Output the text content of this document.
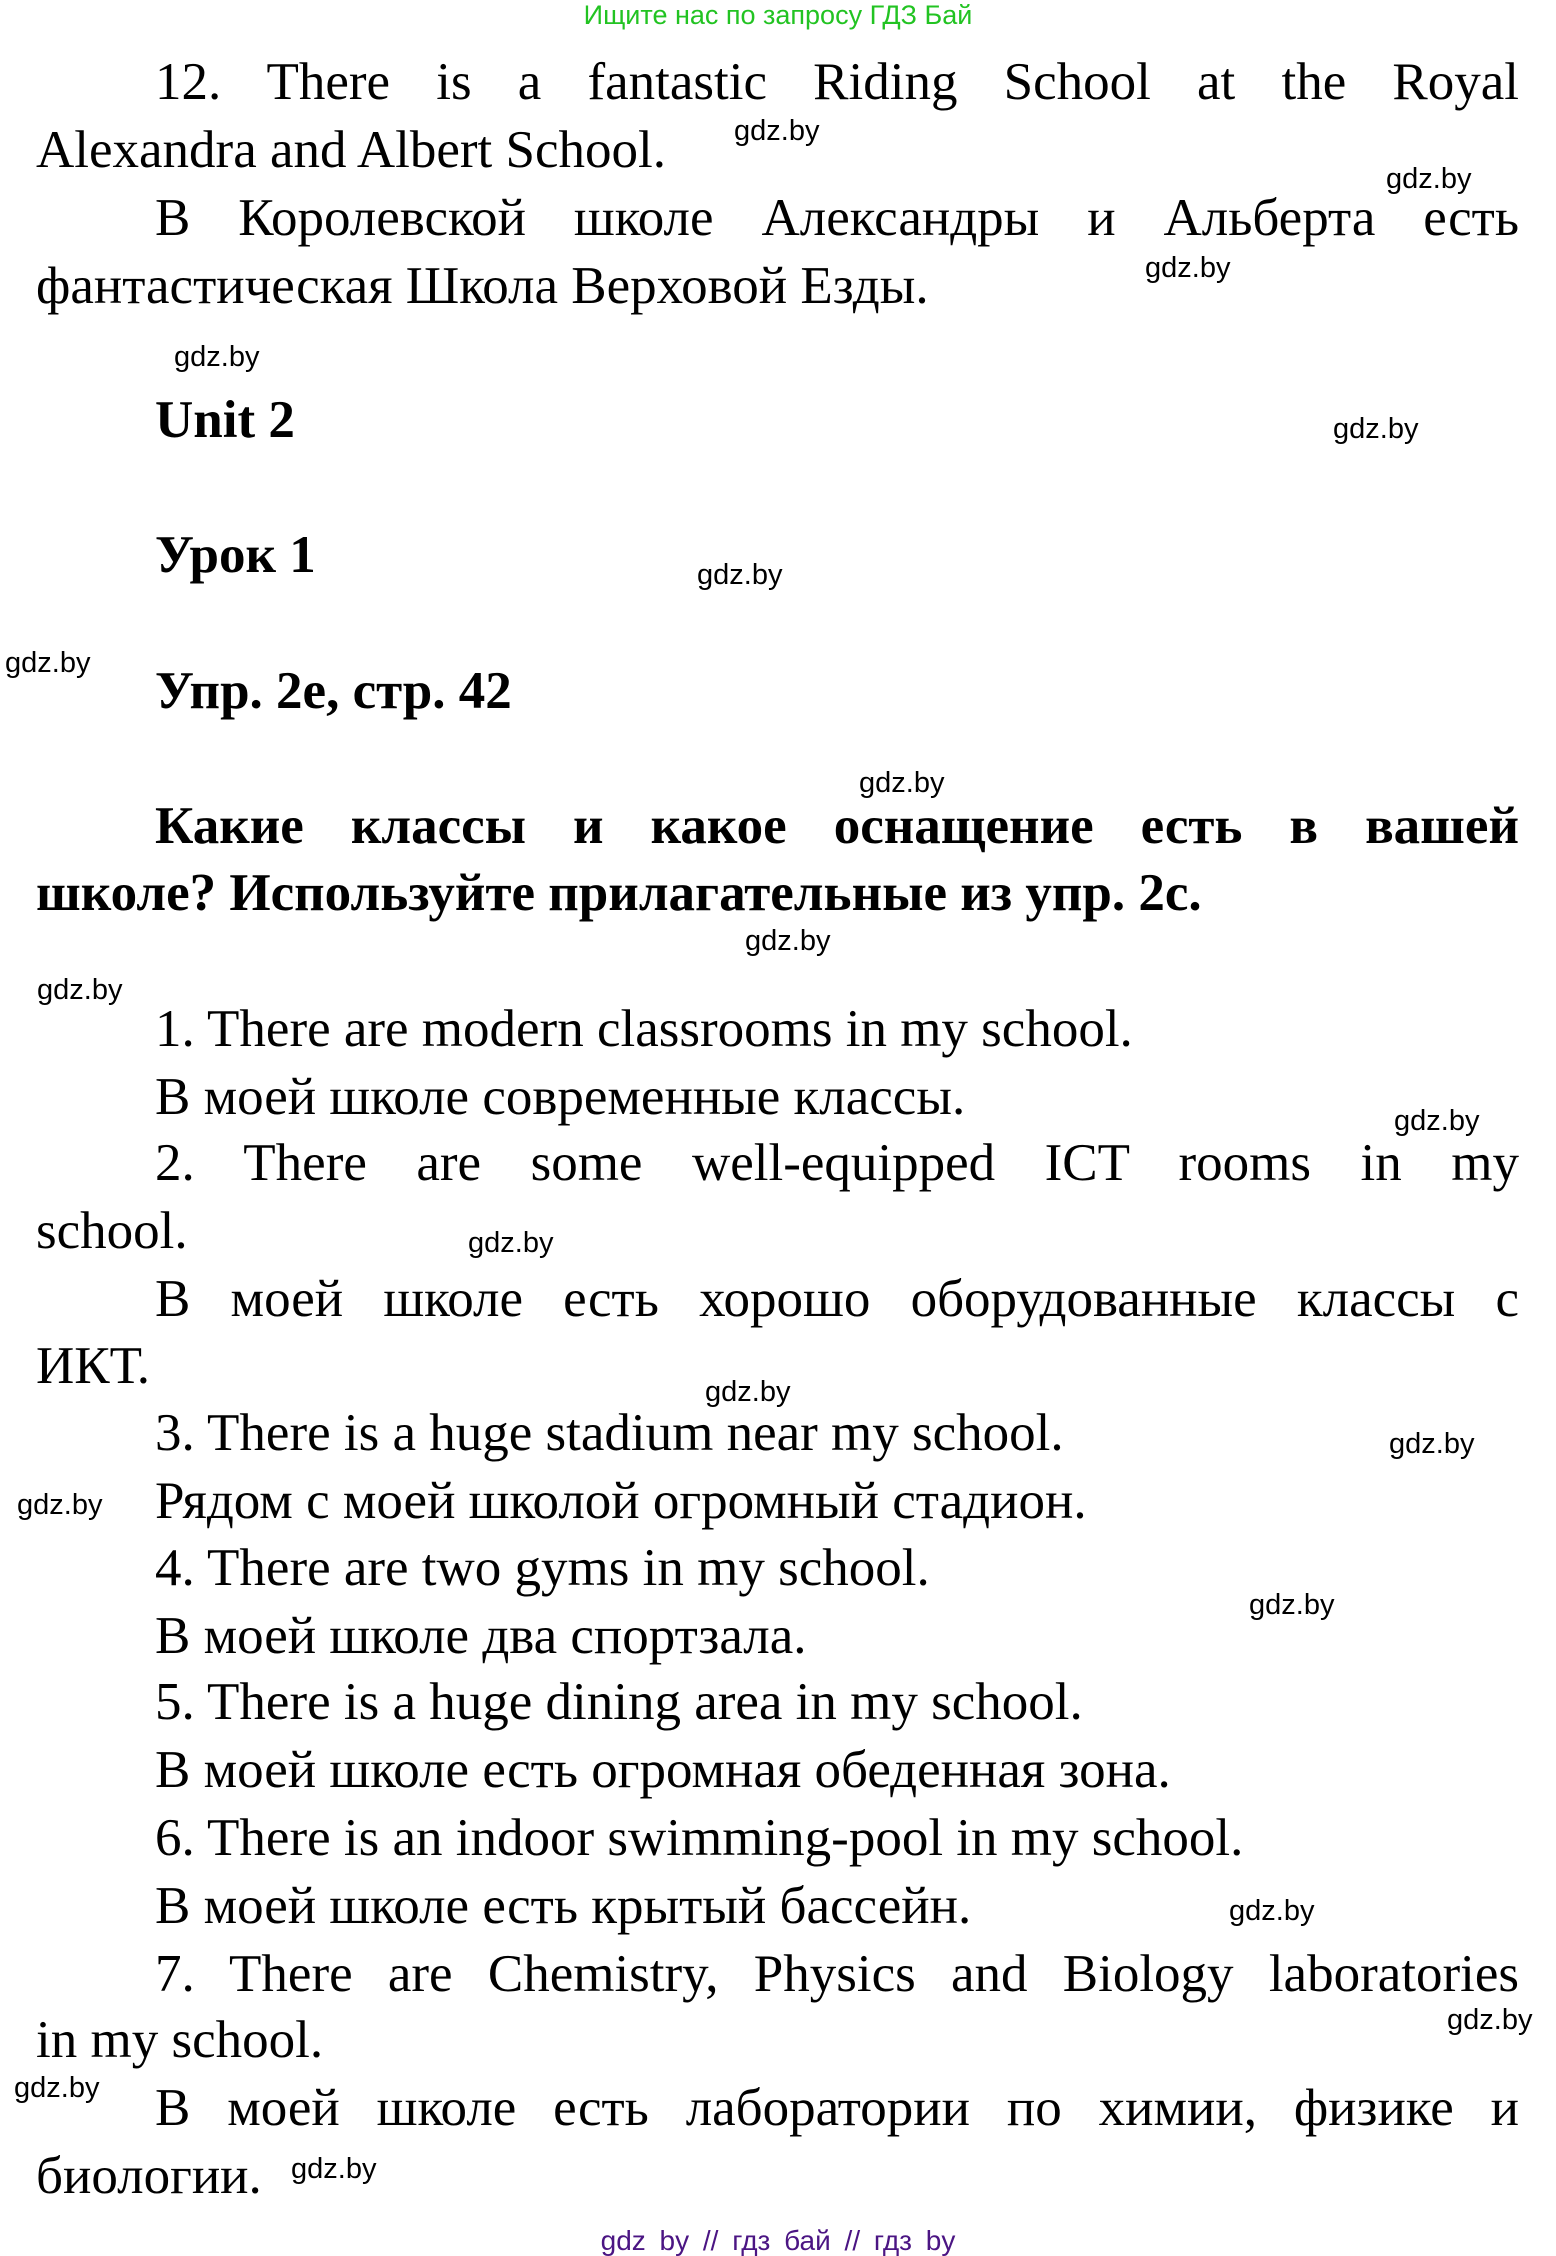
Ищите нас по запросу ГДЗ Бай
12. There is a fantastic Riding School at the Royal
Alexandra and Albert School.
В Королевской школе Александры и Альберта есть
фантастическая Школа Верховой Езды.
Unit 2
Урок 1
Упр. 2е, стр. 42
Какие классы и какое оснащение есть в вашей
школе? Используйте прилагательные из упр. 2с.
1. There are modern classrooms in my school.
В моей школе современные классы.
2. There are some well-equipped ICT rooms in my
school.
В моей школе есть хорошо оборудованные классы с
ИКТ.
3. There is a huge stadium near my school.
Рядом с моей школой огромный стадион.
4. There are two gyms in my school.
В моей школе два спортзала.
5. There is a huge dining area in my school.
В моей школе есть огромная обеденная зона.
6. There is an indoor swimming-pool in my school.
В моей школе есть крытый бассейн.
7. There are Chemistry, Physics and Biology laboratories
in my school.
В моей школе есть лаборатории по химии, физике и
биологии.
gdz.by
gdz.by
gdz.by
gdz.by
gdz.by
gdz.by
gdz.by
gdz.by
gdz.by
gdz.by
gdz.by
gdz.by
gdz.by
gdz.by
gdz.by
gdz.by
gdz.by
gdz.by
gdz.by
gdz.by
gdz by // гдз бай // гдз by
